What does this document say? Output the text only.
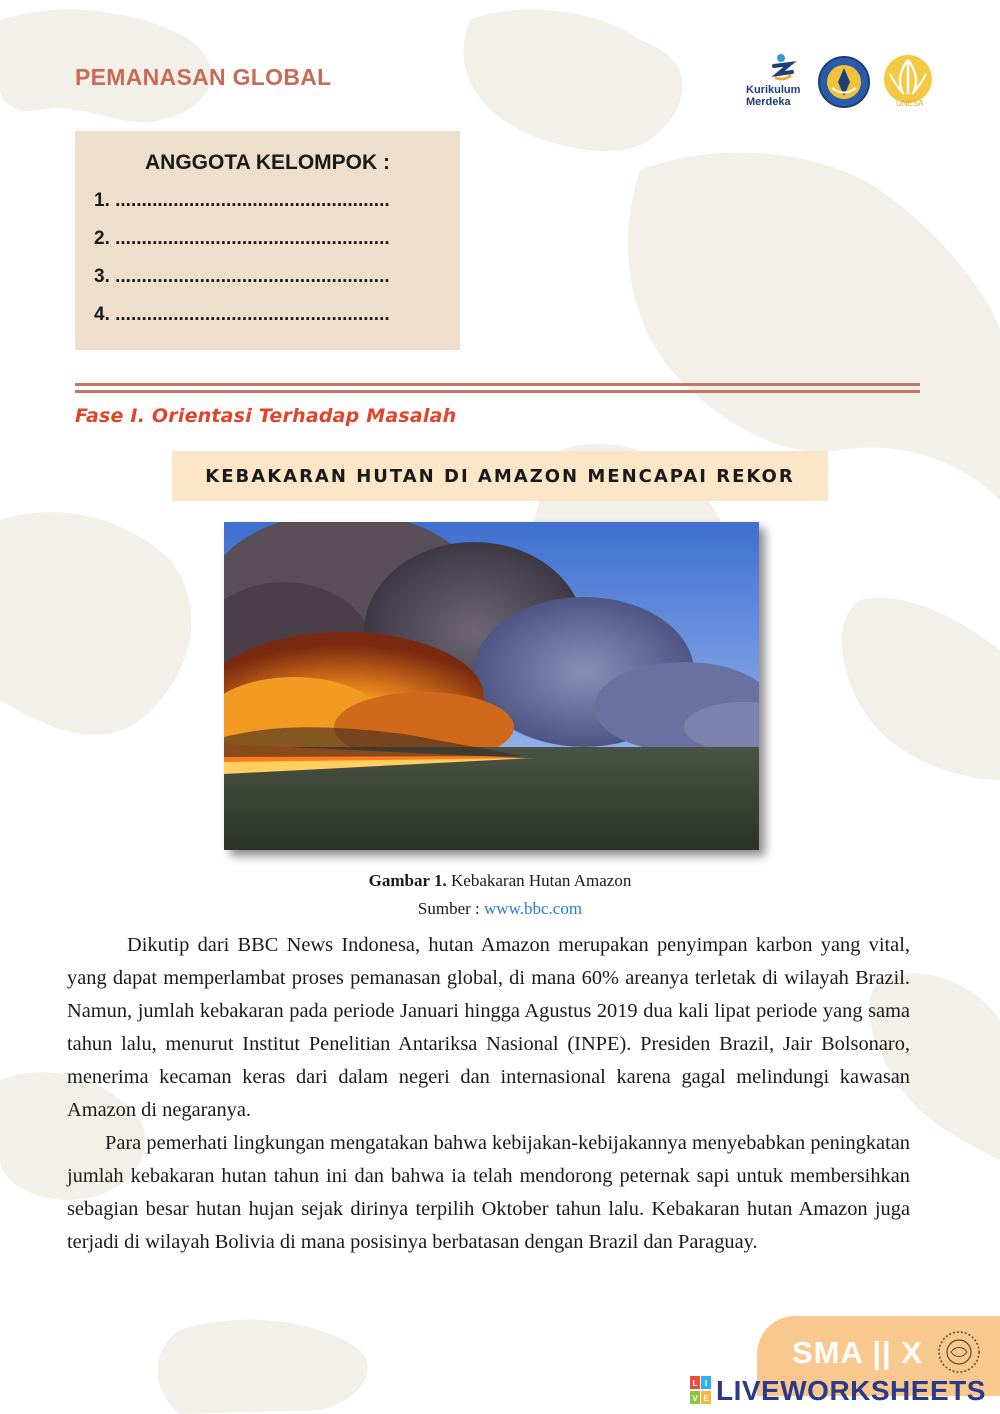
PEMANASAN GLOBAL	Kurikulum Merdeka	UNESA
ANGGOTA KELOMPOK :
1. ....................................................
2. ....................................................
3. ....................................................
4. ....................................................
Fase I. Orientasi Terhadap Masalah
KEBAKARAN HUTAN DI AMAZON MENCAPAI REKOR
Gambar 1. Kebakaran Hutan Amazon
Sumber : www.bbc.com

Dikutip dari BBC News Indonesa, hutan Amazon merupakan penyimpan karbon yang vital, yang dapat memperlambat proses pemanasan global, di mana 60% areanya terletak di wilayah Brazil. Namun, jumlah kebakaran pada periode Januari hingga Agustus 2019 dua kali lipat periode yang sama tahun lalu, menurut Institut Penelitian Antariksa Nasional (INPE). Presiden Brazil, Jair Bolsonaro, menerima kecaman keras dari dalam negeri dan internasional karena gagal melindungi kawasan Amazon di negaranya.

Para pemerhati lingkungan mengatakan bahwa kebijakan-kebijakannya menyebabkan peningkatan jumlah kebakaran hutan tahun ini dan bahwa ia telah mendorong peternak sapi untuk membersihkan sebagian besar hutan hujan sejak dirinya terpilih Oktober tahun lalu. Kebakaran hutan Amazon juga terjadi di wilayah Bolivia di mana posisinya berbatasan dengan Brazil dan Paraguay.

SMA || X
L I
V E LIVEWORKSHEETS
